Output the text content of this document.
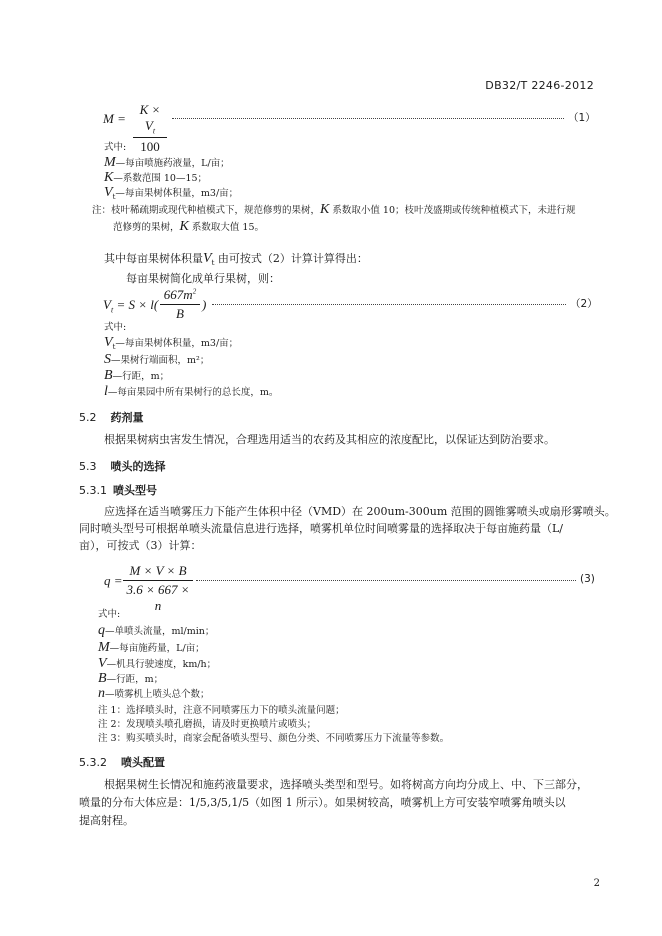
DB32/T 2246-2012
$M = \frac{K \times V_t}{100}$	（1）
式中:
M—每亩喷施药液量，L/亩；
K—系数范围 10—15；
$V_t—$每亩果树体积量，m3/亩；
注：枝叶稀疏期或现代种植模式下，规范修剪的果树，K 系数取小值 10；枝叶茂盛期或传统种植模式下，未进行规
范修剪的果树，K 系数取大值 15。
其中每亩果树体积量$V_t$ 由可按式（2）计算计算得出：
每亩果树简化成单行果树，则：
$V_t = S \times l( \frac{667m^2}{B}$ )	（2）
式中:
$V_t—$每亩果树体积量，m3/亩；
S—果树行端面积，m²；
B—行距，m；
l—每亩果园中所有果树行的总长度，m。
5.2 药剂量
根据果树病虫害发生情况，合理选用适当的农药及其相应的浓度配比，以保证达到防治要求。
5.3 喷头的选择
5.3.1 喷头型号
应选择在适当喷雾压力下能产生体积中径（VMD）在 200um-300um 范围的圆锥雾喷头或扇形雾喷头。
同时喷头型号可根据单喷头流量信息进行选择，喷雾机单位时间喷雾量的选择取决于每亩施药量（L/
亩），可按式（3）计算：
$q = \frac{M \times V \times B}{3.6 \times 667 \times n}$	(3)
式中:
q—单喷头流量，ml/min；
M—每亩施药量，L/亩；
V—机具行驶速度，km/h；
B—行距，m；
n—喷雾机上喷头总个数；
注 1：选择喷头时，注意不同喷雾压力下的喷头流量问题；
注 2：发现喷头喷孔磨损，请及时更换喷片或喷头；
注 3：购买喷头时，商家会配备喷头型号、颜色分类、不同喷雾压力下流量等参数。
5.3.2 喷头配置
根据果树生长情况和施药液量要求，选择喷头类型和型号。如将树高方向均分成上、中、下三部分，
喷量的分布大体应是：1/5,3/5,1/5（如图 1 所示）。如果树较高，喷雾机上方可安装窄喷雾角喷头以
提高射程。
2
